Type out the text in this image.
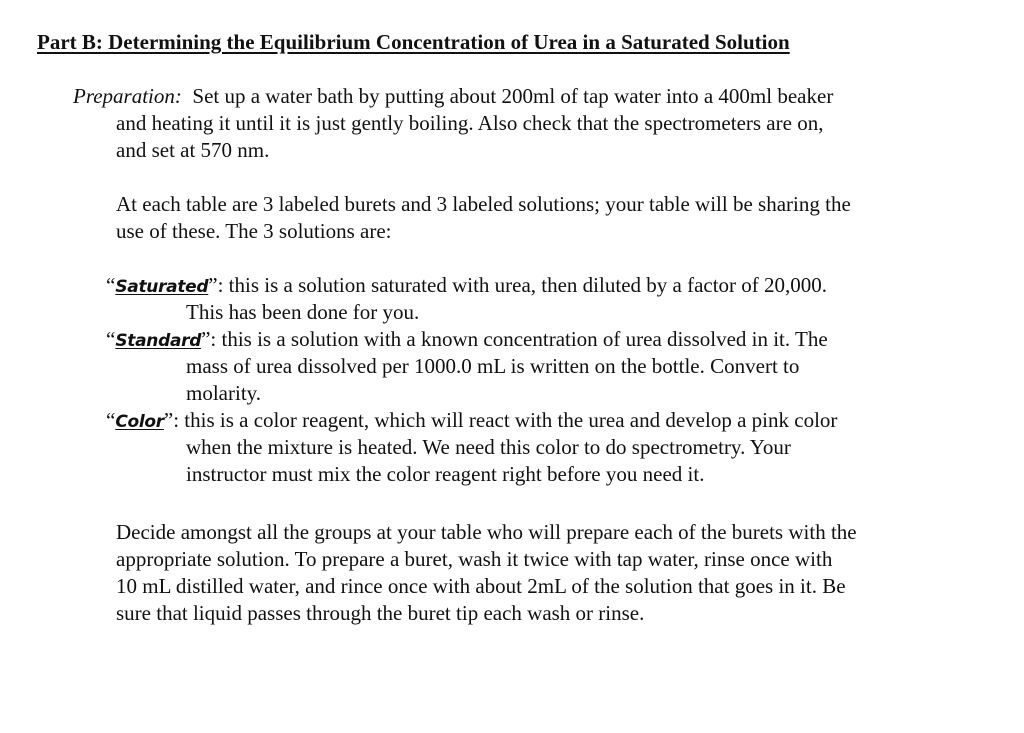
Part B: Determining the Equilibrium Concentration of Urea in a Saturated Solution
Preparation:  Set up a water bath by putting about 200ml of tap water into a 400ml beaker
and heating it until it is just gently boiling. Also check that the spectrometers are on,
and set at 570 nm.
At each table are 3 labeled burets and 3 labeled solutions; your table will be sharing the
use of these. The 3 solutions are:
“Saturated”: this is a solution saturated with urea, then diluted by a factor of 20,000.
This has been done for you.
“Standard”: this is a solution with a known concentration of urea dissolved in it. The
mass of urea dissolved per 1000.0 mL is written on the bottle. Convert to
molarity.
“Color”: this is a color reagent, which will react with the urea and develop a pink color
when the mixture is heated. We need this color to do spectrometry. Your
instructor must mix the color reagent right before you need it.
Decide amongst all the groups at your table who will prepare each of the burets with the
appropriate solution. To prepare a buret, wash it twice with tap water, rinse once with
10 mL distilled water, and rince once with about 2mL of the solution that goes in it. Be
sure that liquid passes through the buret tip each wash or rinse.
